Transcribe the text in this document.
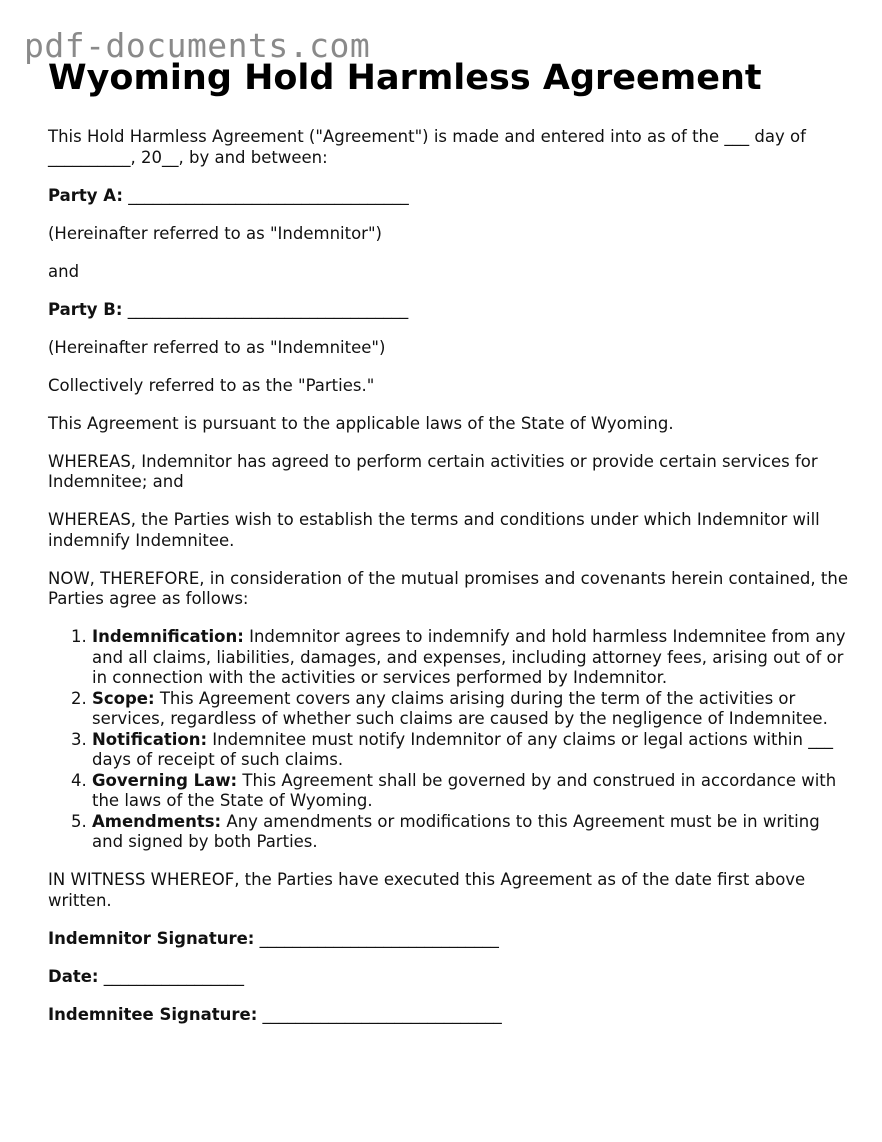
pdf-documents.com
Wyoming Hold Harmless Agreement

This Hold Harmless Agreement ("Agreement") is made and entered into as of the ___ day of __________, 20__, by and between:

Party A: __________________________________

(Hereinafter referred to as "Indemnitor")

and

Party B: __________________________________

(Hereinafter referred to as "Indemnitee")

Collectively referred to as the "Parties."

This Agreement is pursuant to the applicable laws of the State of Wyoming.

WHEREAS, Indemnitor has agreed to perform certain activities or provide certain services for Indemnitee; and

WHEREAS, the Parties wish to establish the terms and conditions under which Indemnitor will indemnify Indemnitee.

NOW, THEREFORE, in consideration of the mutual promises and covenants herein contained, the Parties agree as follows:

1. Indemnification: Indemnitor agrees to indemnify and hold harmless Indemnitee from any and all claims, liabilities, damages, and expenses, including attorney fees, arising out of or in connection with the activities or services performed by Indemnitor.
2. Scope: This Agreement covers any claims arising during the term of the activities or services, regardless of whether such claims are caused by the negligence of Indemnitee.
3. Notification: Indemnitee must notify Indemnitor of any claims or legal actions within ___ days of receipt of such claims.
4. Governing Law: This Agreement shall be governed by and construed in accordance with the laws of the State of Wyoming.
5. Amendments: Any amendments or modifications to this Agreement must be in writing and signed by both Parties.

IN WITNESS WHEREOF, the Parties have executed this Agreement as of the date first above written.

Indemnitor Signature: _____________________________

Date: _________________

Indemnitee Signature: _____________________________
